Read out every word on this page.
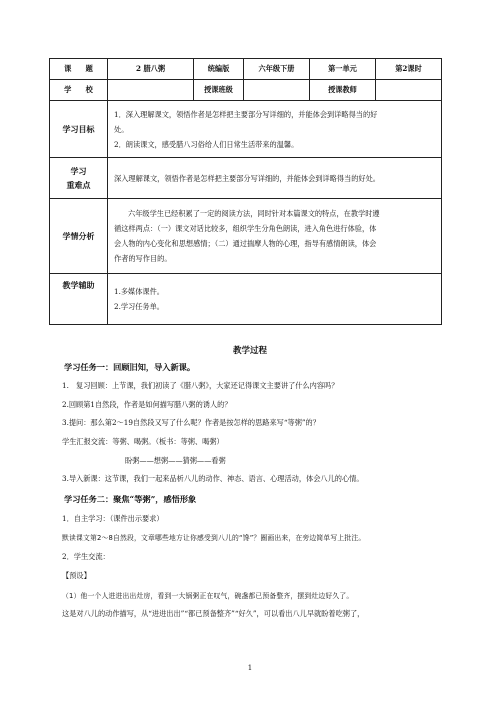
课　　题	2 腊八粥	统编版	六年级下册	第一单元	第2课时
学　　校		授课班级		授课教师	
学习目标	1．深入理解课文，领悟作者是怎样把主要部分写详细的，并能体会到详略得当的好
处。
2．朗读课文，感受腊八习俗给人们日常生活带来的温馨。				

学习
重难点	深入理解课文，领悟作者是怎样把主要部分写详细的，并能体会到详略得当的好处。				
学情分析	六年级学生已经积累了一定的阅读方法，同时针对本篇课文的特点，在教学时遵
循这样两点：（一）课文对话比较多，组织学生分角色朗读，进入角色进行体验，体
会人物的内心变化和思想感情；（二）通过揣摩人物的心理，指导有感情朗读，体会
作者的写作目的。				

教学辅助	1.多媒体课件。
2.学习任务单。				
教学过程
学习任务一：回顾旧知，导入新课。
1.　复习回顾：上节课，我们初读了《腊八粥》，大家还记得课文主要讲了什么内容吗？
2.回顾第1自然段，作者是如何描写腊八粥的诱人的？
3.提问：那么第2～19自然段又写了什么呢？作者是按怎样的思路来写“等粥”的？
学生汇报交流：等粥、喝粥。（板书：等粥、喝粥）
盼粥——想粥——猜粥——看粥
3.导入新课：这节课，我们一起来品析八儿的动作、神态、语言、心理活动，体会八儿的心情。
学习任务二：聚焦“等粥”，感悟形象
1．自主学习：（课件出示要求）
默读课文第2～8自然段，文章哪些地方让你感受到八儿的“馋”？圈画出来，在旁边简单写上批注。
2．学生交流：
【预设】
（1）他一个人进进出出灶房，看到一大锅粥正在叹气，碗盏都已预备整齐，摆到灶边好久了。
这是对八儿的动作描写，从“进进出出”“都已预备整齐”“好久”，可以看出八儿早就盼着吃粥了，
1
